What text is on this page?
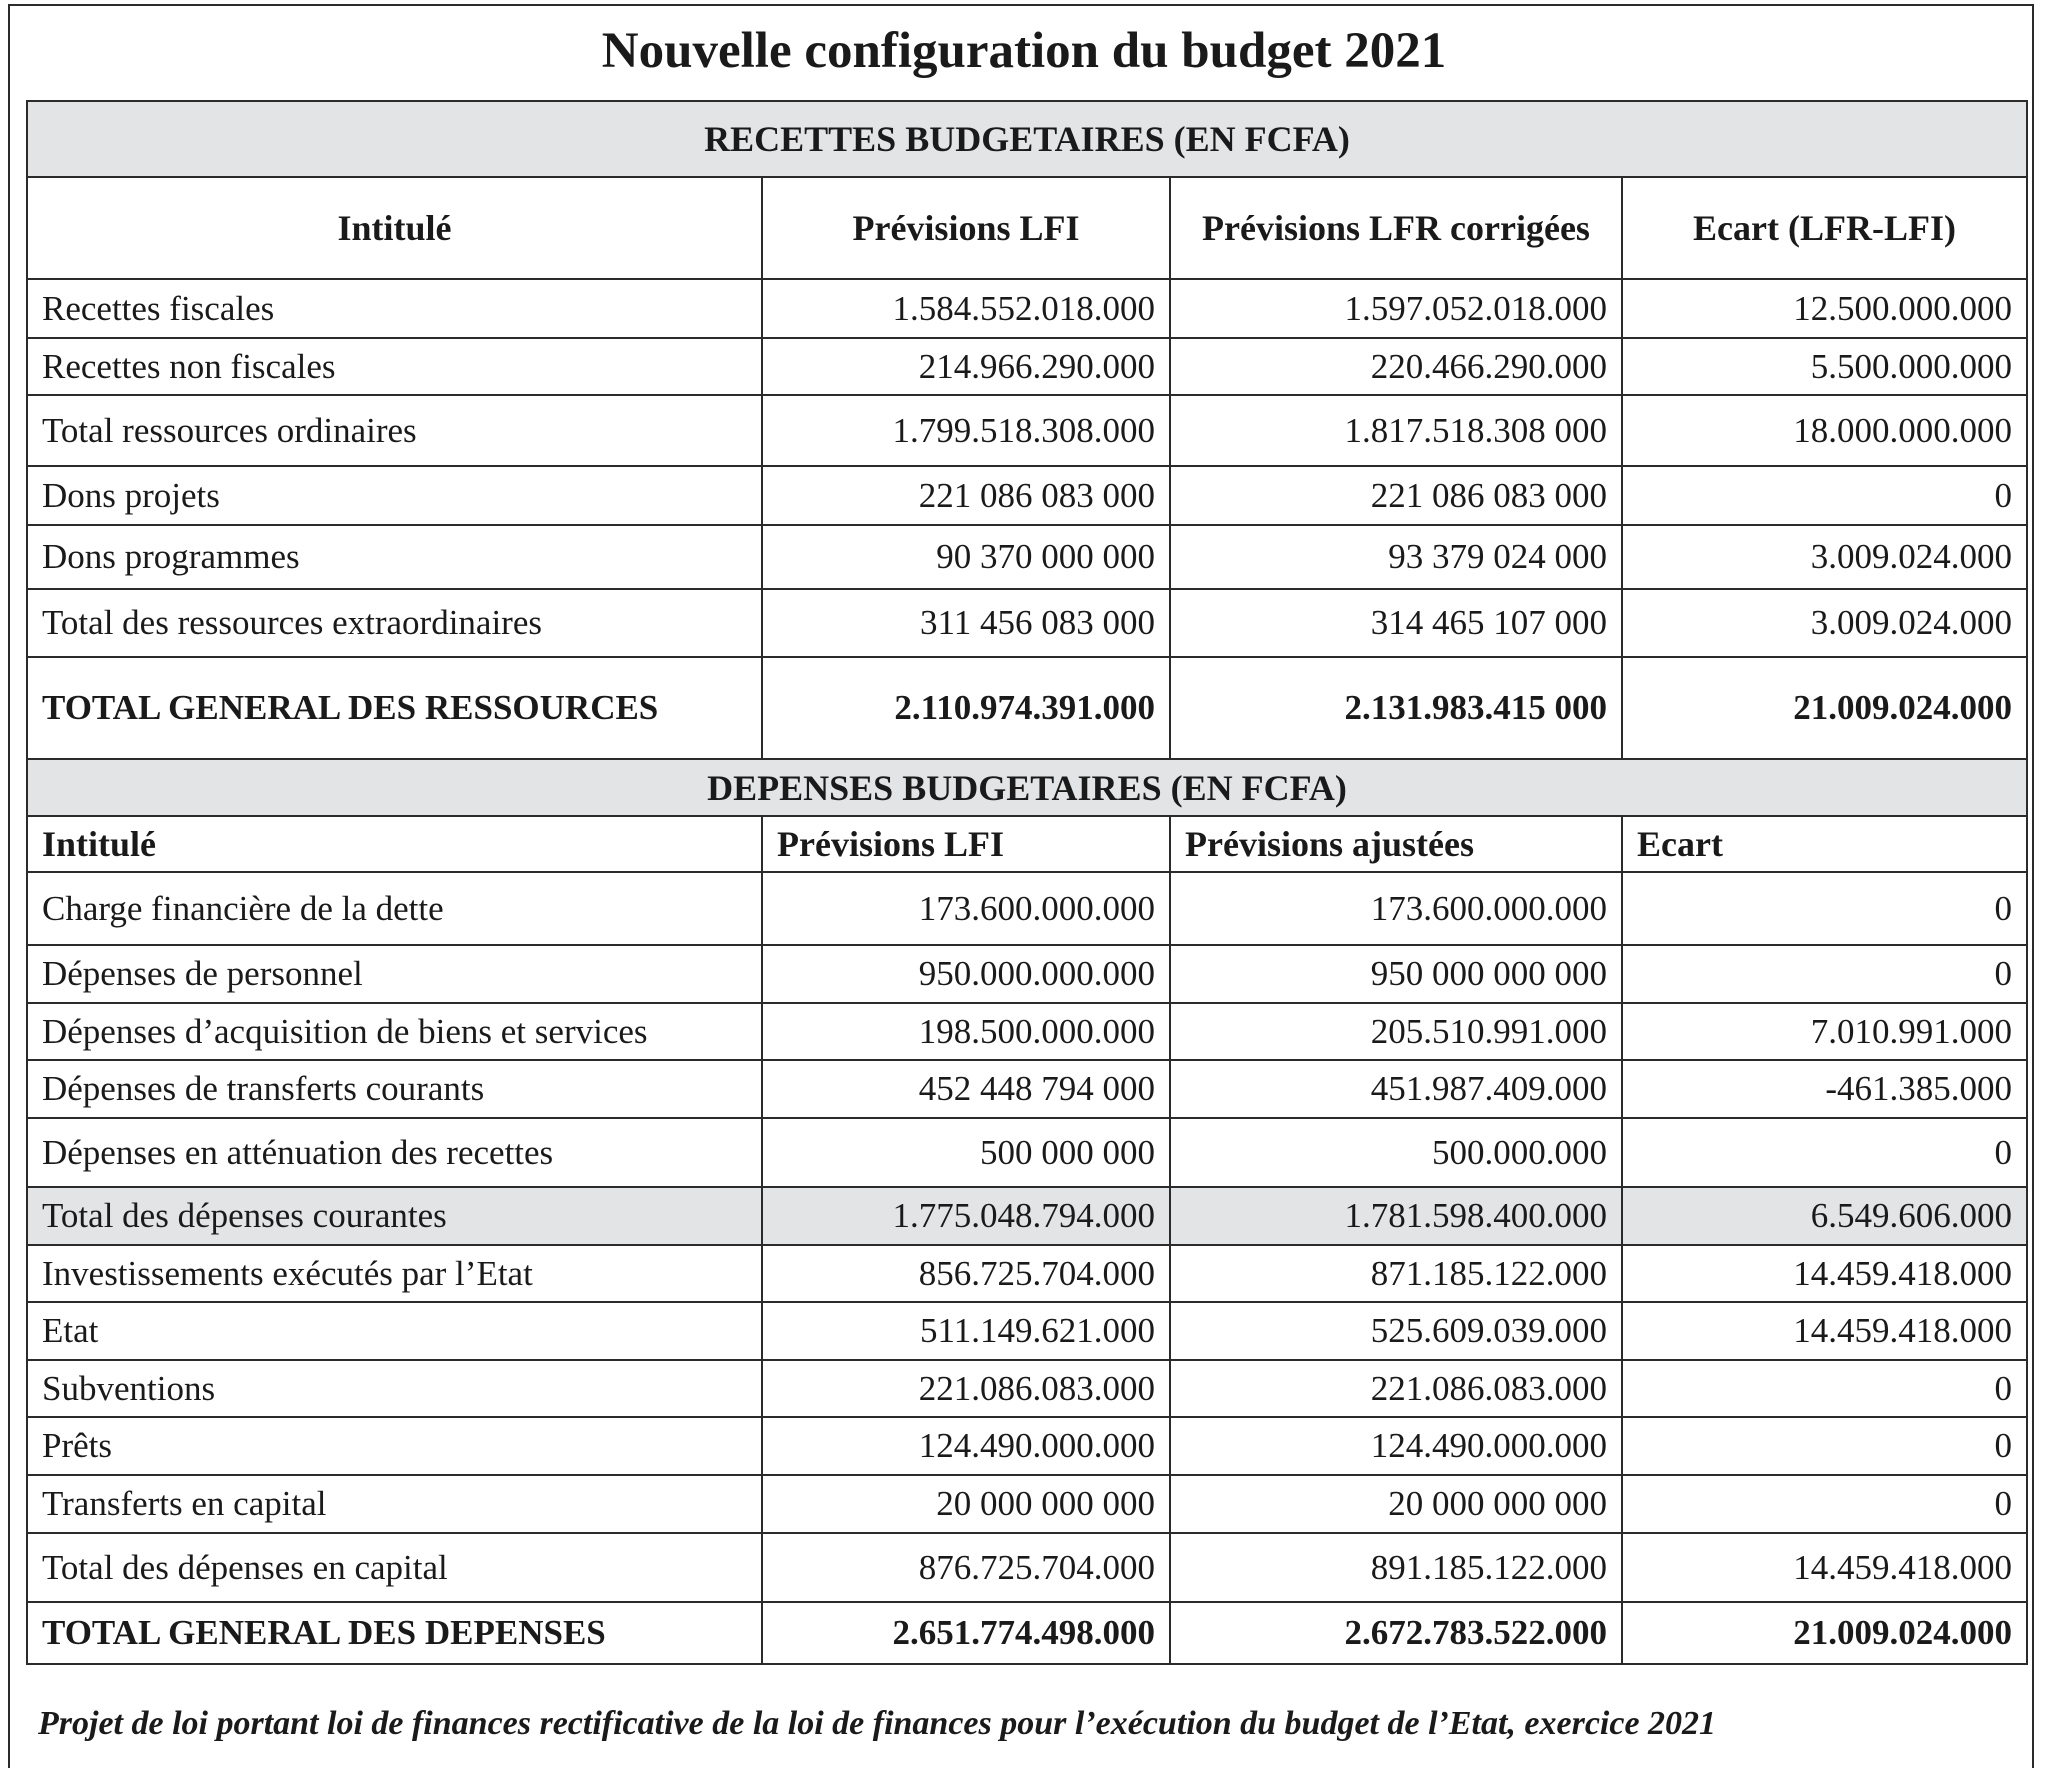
Nouvelle configuration du budget 2021
RECETTES BUDGETAIRES (EN FCFA)			
Intitulé	Prévisions LFI	Prévisions LFR corrigées	Ecart (LFR-LFI)
Recettes fiscales	1.584.552.018.000	1.597.052.018.000	12.500.000.000
Recettes non fiscales	214.966.290.000	220.466.290.000	5.500.000.000
Total ressources ordinaires	1.799.518.308.000	1.817.518.308 000	18.000.000.000
Dons projets	221 086 083 000	221 086 083 000	0
Dons programmes	90 370 000 000	93 379 024 000	3.009.024.000
Total des ressources extraordinaires	311 456 083 000	314 465 107 000	3.009.024.000
TOTAL GENERAL DES RESSOURCES	2.110.974.391.000	2.131.983.415 000	21.009.024.000
DEPENSES BUDGETAIRES (EN FCFA)			
Intitulé	Prévisions LFI	Prévisions ajustées	Ecart
Charge financière de la dette	173.600.000.000	173.600.000.000	0
Dépenses de personnel	950.000.000.000	950 000 000 000	0
Dépenses d’acquisition de biens et services	198.500.000.000	205.510.991.000	7.010.991.000
Dépenses de transferts courants	452 448 794 000	451.987.409.000	-461.385.000
Dépenses en atténuation des recettes	500 000 000	500.000.000	0
Total des dépenses courantes	1.775.048.794.000	1.781.598.400.000	6.549.606.000
Investissements exécutés par l’Etat	856.725.704.000	871.185.122.000	14.459.418.000
Etat	511.149.621.000	525.609.039.000	14.459.418.000
Subventions	221.086.083.000	221.086.083.000	0
Prêts	124.490.000.000	124.490.000.000	0
Transferts en capital	20 000 000 000	20 000 000 000	0
Total des dépenses en capital	876.725.704.000	891.185.122.000	14.459.418.000
TOTAL GENERAL DES DEPENSES	2.651.774.498.000	2.672.783.522.000	21.009.024.000
Projet de loi portant loi de finances rectificative de la loi de finances pour l’exécution du budget de l’Etat, exercice 2021
